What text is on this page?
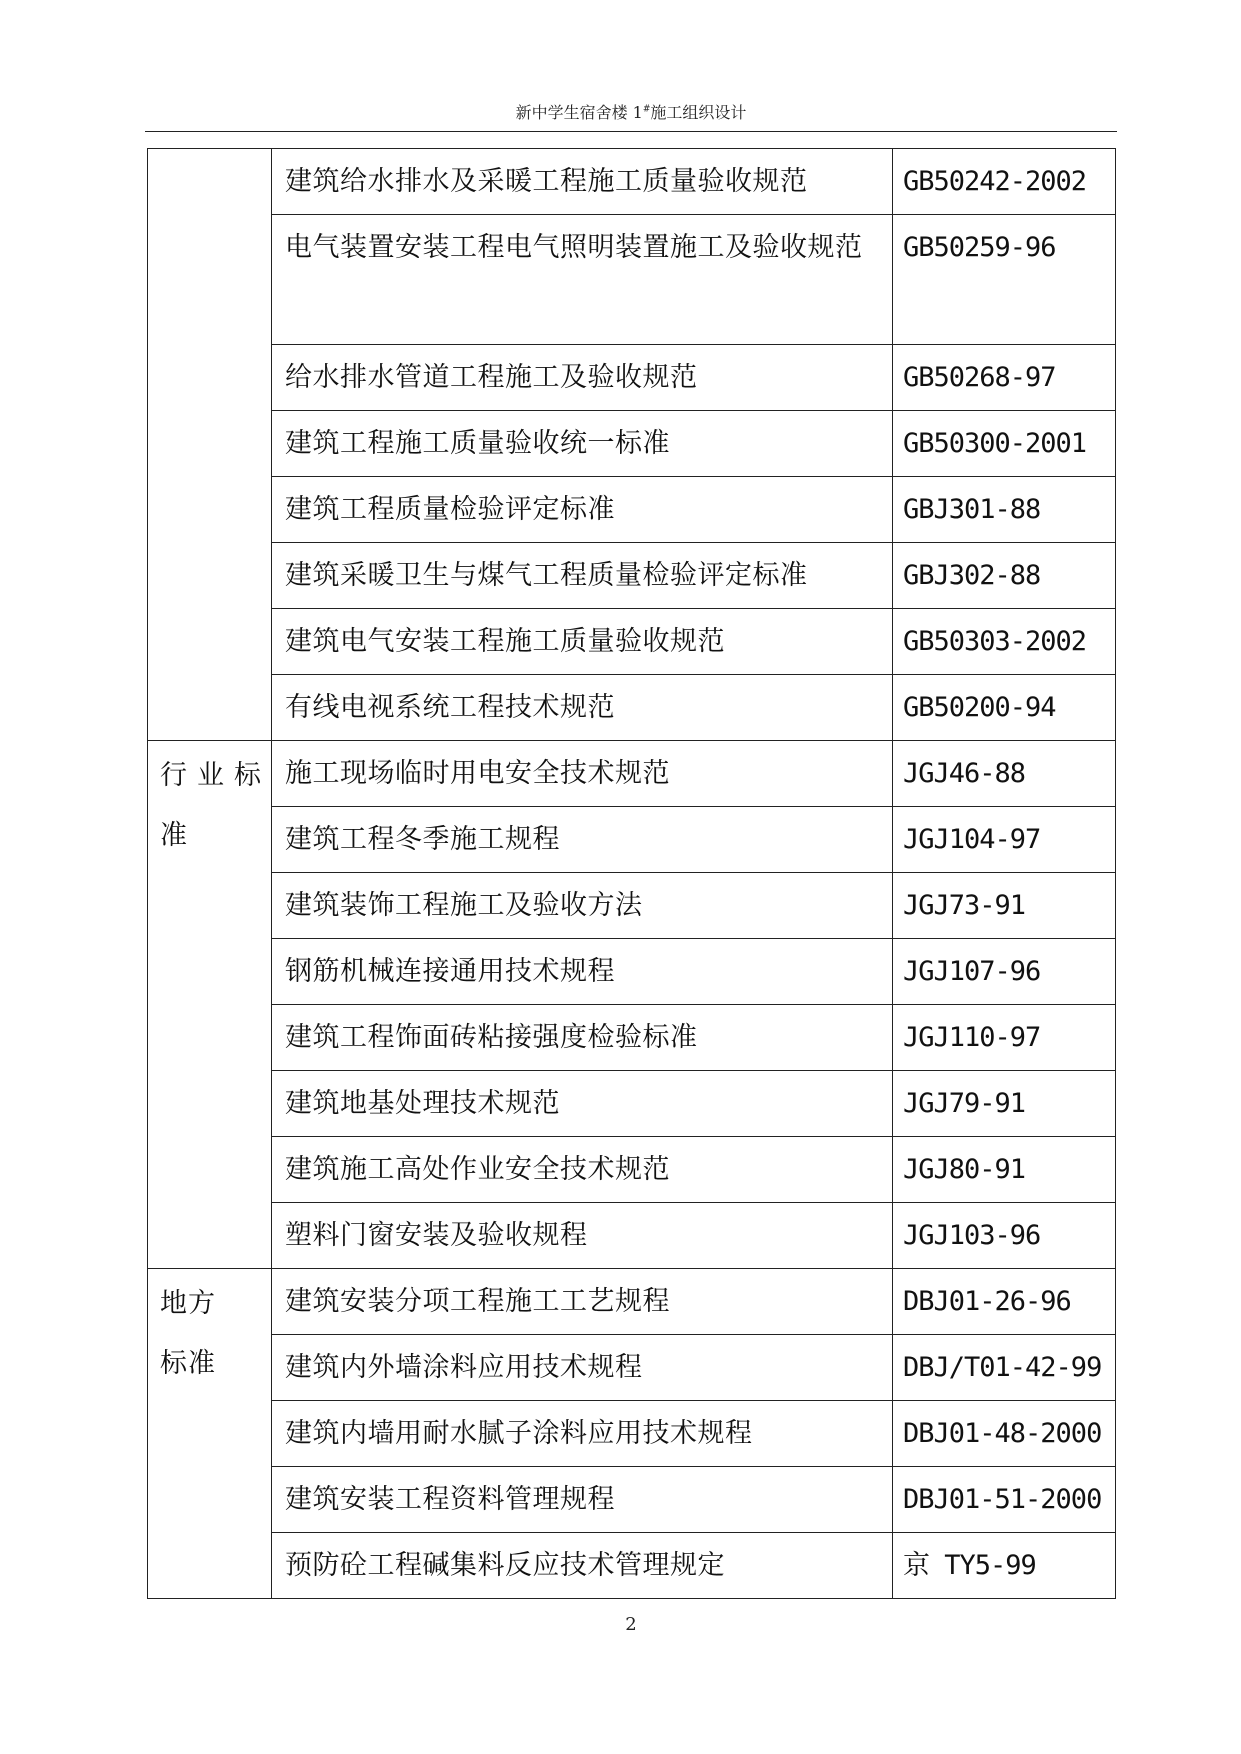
新中学生宿舍楼 1#施工组织设计
	建筑给水排水及采暖工程施工质量验收规范	GB50242-2002
	电气装置安装工程电气照明装置施工及验收规范	GB50259-96
	给水排水管道工程施工及验收规范	GB50268-97
	建筑工程施工质量验收统一标准	GB50300-2001
	建筑工程质量检验评定标准	GBJ301-88
	建筑采暖卫生与煤气工程质量检验评定标准	GBJ302-88
	建筑电气安装工程施工质量验收规范	GB50303-2002
	有线电视系统工程技术规范	GB50200-94

行业标
准	施工现场临时用电安全技术规范	JGJ46-88
	建筑工程冬季施工规程	JGJ104-97
	建筑装饰工程施工及验收方法	JGJ73-91
	钢筋机械连接通用技术规程	JGJ107-96
	建筑工程饰面砖粘接强度检验标准	JGJ110-97
	建筑地基处理技术规范	JGJ79-91
	建筑施工高处作业安全技术规范	JGJ80-91
	塑料门窗安装及验收规程	JGJ103-96

地方
标准	建筑安装分项工程施工工艺规程	DBJ01-26-96
	建筑内外墙涂料应用技术规程	DBJ/T01-42-99
	建筑内墙用耐水腻子涂料应用技术规程	DBJ01-48-2000
	建筑安装工程资料管理规程	DBJ01-51-2000
	预防砼工程碱集料反应技术管理规定	京 TY5-99
2
